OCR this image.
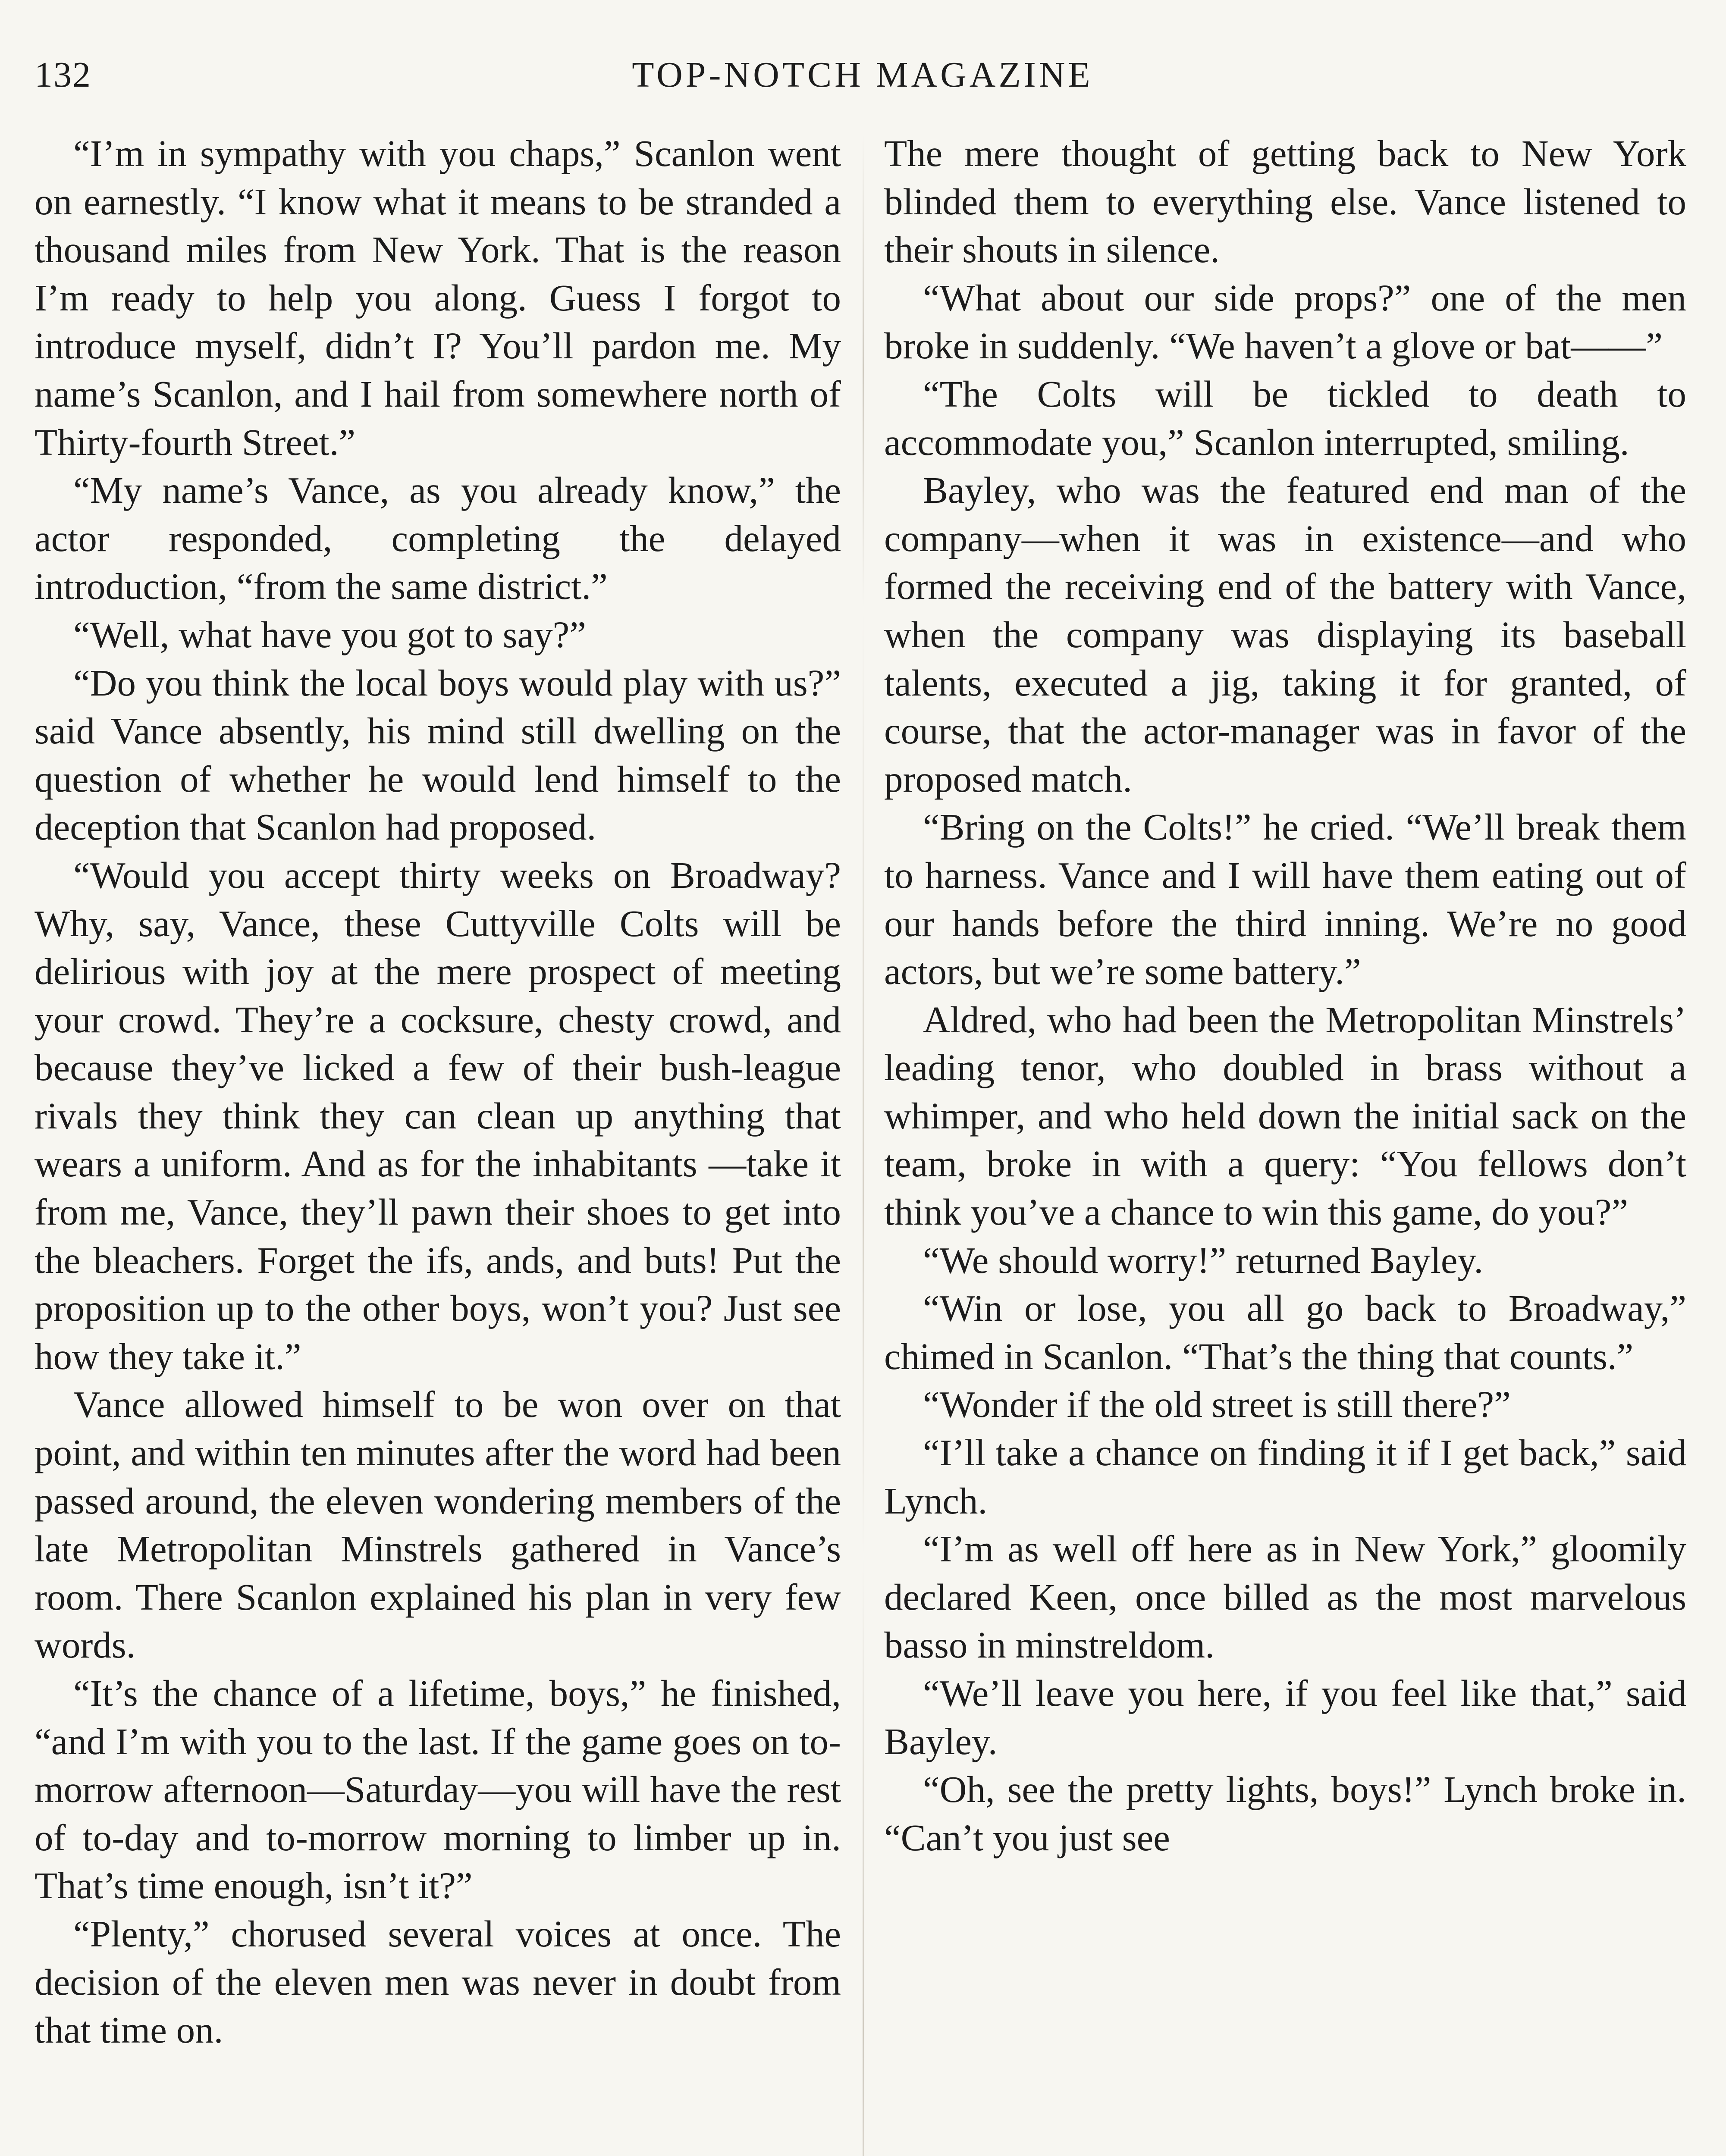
132	TOP-NOTCH MAGAZINE

“I’m in sympathy with you chaps,” Scanlon went on earnestly. “I know what it means to be stranded a thousand miles from New York. That is the reason I’m ready to help you along. Guess I forgot to introduce myself, didn’t I? You’ll pardon me. My name’s Scanlon, and I hail from somewhere north of Thirty-fourth Street.”

“My name’s Vance, as you already know,” the actor responded, completing the delayed introduction, “from the same district.”

“Well, what have you got to say?”

“Do you think the local boys would play with us?” said Vance absently, his mind still dwelling on the question of whether he would lend himself to the deception that Scanlon had proposed.

“Would you accept thirty weeks on Broadway? Why, say, Vance, these Cuttyville Colts will be delirious with joy at the mere prospect of meeting your crowd. They’re a cocksure, chesty crowd, and because they’ve licked a few of their bush-league rivals they think they can clean up anything that wears a uniform. And as for the inhabitants —take it from me, Vance, they’ll pawn their shoes to get into the bleachers. Forget the ifs, ands, and buts! Put the proposition up to the other boys, won’t you? Just see how they take it.”

Vance allowed himself to be won over on that point, and within ten minutes after the word had been passed around, the eleven wondering members of the late Metropolitan Minstrels gathered in Vance’s room. There Scanlon explained his plan in very few words.

“It’s the chance of a lifetime, boys,” he finished, “and I’m with you to the last. If the game goes on to-morrow afternoon—Saturday—you will have the rest of to-day and to-morrow morning to limber up in. That’s time enough, isn’t it?”

“Plenty,” chorused several voices at once. The decision of the eleven men was never in doubt from that time on.

The mere thought of getting back to New York blinded them to everything else. Vance listened to their shouts in silence.

“What about our side props?” one of the men broke in suddenly. “We haven’t a glove or bat——”

“The Colts will be tickled to death to accommodate you,” Scanlon interrupted, smiling.

Bayley, who was the featured end man of the company—when it was in existence—and who formed the receiving end of the battery with Vance, when the company was displaying its baseball talents, executed a jig, taking it for granted, of course, that the actor-manager was in favor of the proposed match.

“Bring on the Colts!” he cried. “We’ll break them to harness. Vance and I will have them eating out of our hands before the third inning. We’re no good actors, but we’re some battery.”

Aldred, who had been the Metropolitan Minstrels’ leading tenor, who doubled in brass without a whimper, and who held down the initial sack on the team, broke in with a query: “You fellows don’t think you’ve a chance to win this game, do you?”

“We should worry!” returned Bayley.

“Win or lose, you all go back to Broadway,” chimed in Scanlon. “That’s the thing that counts.”

“Wonder if the old street is still there?”

“I’ll take a chance on finding it if I get back,” said Lynch.

“I’m as well off here as in New York,” gloomily declared Keen, once billed as the most marvelous basso in minstreldom.

“We’ll leave you here, if you feel like that,” said Bayley.

“Oh, see the pretty lights, boys!” Lynch broke in. “Can’t you just see
